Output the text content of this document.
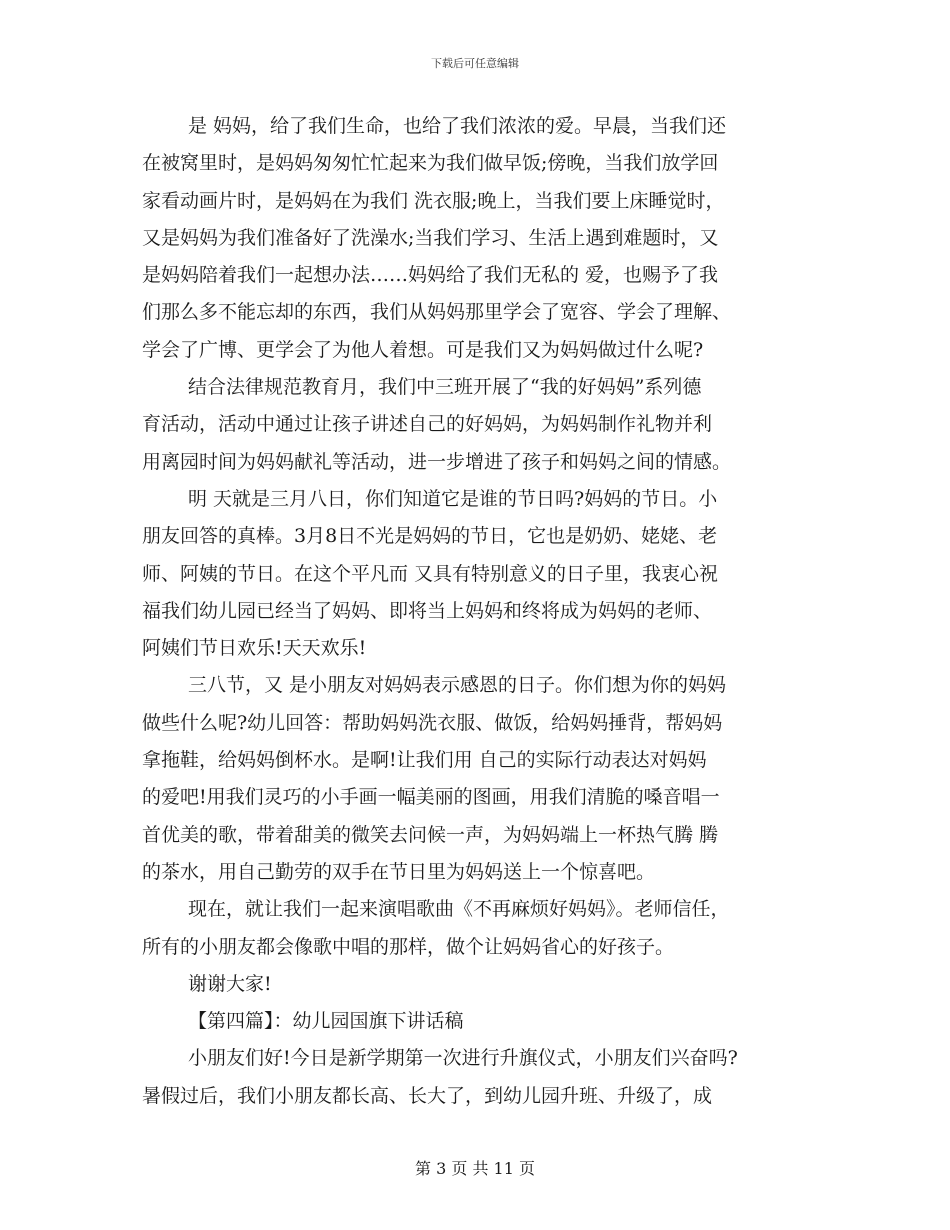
下载后可任意编辑
是 妈妈，给了我们生命，也给了我们浓浓的爱。早晨，当我们还
在被窝里时，是妈妈匆匆忙忙起来为我们做早饭;傍晚，当我们放学回
家看动画片时，是妈妈在为我们 洗衣服;晚上，当我们要上床睡觉时，
又是妈妈为我们准备好了洗澡水;当我们学习、生活上遇到难题时，又
是妈妈陪着我们一起想办法……妈妈给了我们无私的 爱，也赐予了我
们那么多不能忘却的东西，我们从妈妈那里学会了宽容、学会了理解、
学会了广博、更学会了为他人着想。可是我们又为妈妈做过什么呢?
结合法律规范教育月，我们中三班开展了“我的好妈妈”系列德
育活动，活动中通过让孩子讲述自己的好妈妈，为妈妈制作礼物并利
用离园时间为妈妈献礼等活动，进一步增进了孩子和妈妈之间的情感。
明 天就是三月八日，你们知道它是谁的节日吗?妈妈的节日。小
朋友回答的真棒。3月8日不光是妈妈的节日，它也是奶奶、姥姥、老
师、阿姨的节日。在这个平凡而 又具有特别意义的日子里，我衷心祝
福我们幼儿园已经当了妈妈、即将当上妈妈和终将成为妈妈的老师、
阿姨们节日欢乐!天天欢乐!
三八节，又 是小朋友对妈妈表示感恩的日子。你们想为你的妈妈
做些什么呢?幼儿回答：帮助妈妈洗衣服、做饭，给妈妈捶背，帮妈妈
拿拖鞋，给妈妈倒杯水。是啊!让我们用 自己的实际行动表达对妈妈
的爱吧!用我们灵巧的小手画一幅美丽的图画，用我们清脆的嗓音唱一
首优美的歌，带着甜美的微笑去问候一声，为妈妈端上一杯热气腾 腾
的茶水，用自己勤劳的双手在节日里为妈妈送上一个惊喜吧。
现在，就让我们一起来演唱歌曲《不再麻烦好妈妈》。老师信任，
所有的小朋友都会像歌中唱的那样，做个让妈妈省心的好孩子。
谢谢大家!
【第四篇】：幼儿园国旗下讲话稿
小朋友们好!今日是新学期第一次进行升旗仪式，小朋友们兴奋吗?
暑假过后，我们小朋友都长高、长大了，到幼儿园升班、升级了，成
第 3 页 共 11 页
